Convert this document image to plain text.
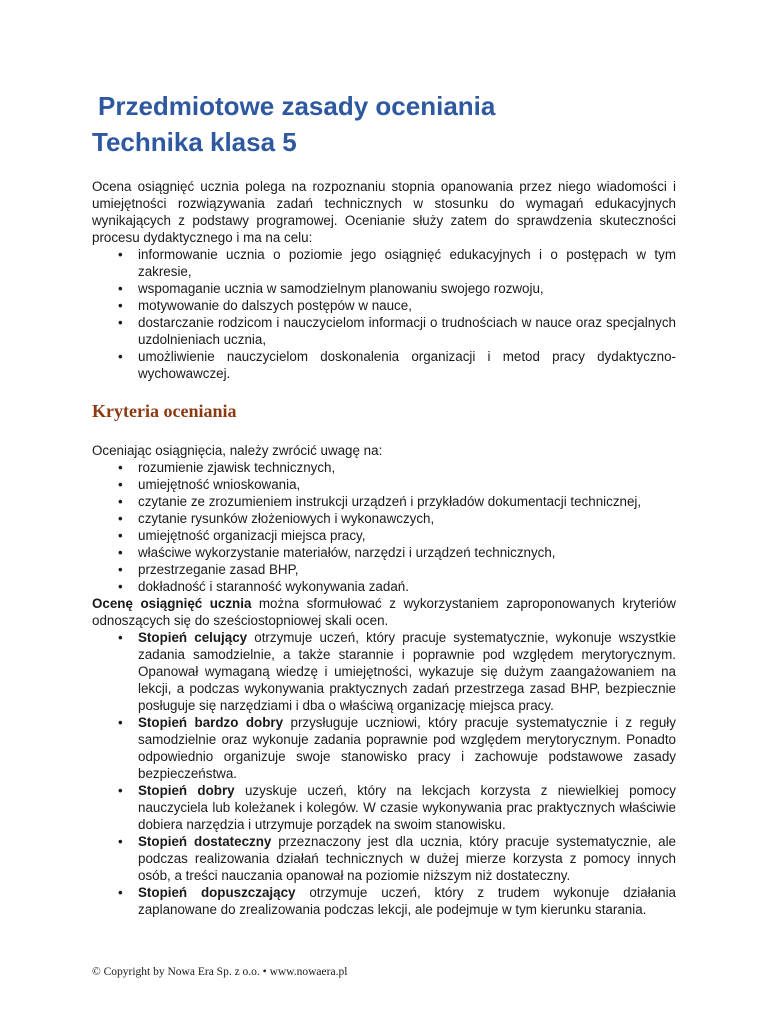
Przedmiotowe zasady oceniania
Technika klasa 5

Ocena osiągnięć ucznia polega na rozpoznaniu stopnia opanowania przez niego wiadomości i umiejętności rozwiązywania zadań technicznych w stosunku do wymagań edukacyjnych wynikających z podstawy programowej. Ocenianie służy zatem do sprawdzenia skuteczności procesu dydaktycznego i ma na celu:

• informowanie ucznia o poziomie jego osiągnięć edukacyjnych i o postępach w tym zakresie,
• wspomaganie ucznia w samodzielnym planowaniu swojego rozwoju,
• motywowanie do dalszych postępów w nauce,
• dostarczanie rodzicom i nauczycielom informacji o trudnościach w nauce oraz specjalnych uzdolnieniach ucznia,
• umożliwienie nauczycielom doskonalenia organizacji i metod pracy dydaktyczno-wychowawczej.
Kryteria oceniania

Oceniając osiągnięcia, należy zwrócić uwagę na:

• rozumienie zjawisk technicznych,
• umiejętność wnioskowania,
• czytanie ze zrozumieniem instrukcji urządzeń i przykładów dokumentacji technicznej,
• czytanie rysunków złożeniowych i wykonawczych,
• umiejętność organizacji miejsca pracy,
• właściwe wykorzystanie materiałów, narzędzi i urządzeń technicznych,
• przestrzeganie zasad BHP,
• dokładność i staranność wykonywania zadań.

Ocenę osiągnięć ucznia można sformułować z wykorzystaniem zaproponowanych kryteriów odnoszących się do sześciostopniowej skali ocen.

• Stopień celujący otrzymuje uczeń, który pracuje systematycznie, wykonuje wszystkie zadania samodzielnie, a także starannie i poprawnie pod względem merytorycznym. Opanował wymaganą wiedzę i umiejętności, wykazuje się dużym zaangażowaniem na lekcji, a podczas wykonywania praktycznych zadań przestrzega zasad BHP, bezpiecznie posługuje się narzędziami i dba o właściwą organizację miejsca pracy.
• Stopień bardzo dobry przysługuje uczniowi, który pracuje systematycznie i z reguły samodzielnie oraz wykonuje zadania poprawnie pod względem merytorycznym. Ponadto odpowiednio organizuje swoje stanowisko pracy i zachowuje podstawowe zasady bezpieczeństwa.
• Stopień dobry uzyskuje uczeń, który na lekcjach korzysta z niewielkiej pomocy nauczyciela lub koleżanek i kolegów. W czasie wykonywania prac praktycznych właściwie dobiera narzędzia i utrzymuje porządek na swoim stanowisku.
• Stopień dostateczny przeznaczony jest dla ucznia, który pracuje systematycznie, ale podczas realizowania działań technicznych w dużej mierze korzysta z pomocy innych osób, a treści nauczania opanował na poziomie niższym niż dostateczny.
• Stopień dopuszczający otrzymuje uczeń, który z trudem wykonuje działania zaplanowane do zrealizowania podczas lekcji, ale podejmuje w tym kierunku starania.
© Copyright by Nowa Era Sp. z o.o. • www.nowaera.pl
